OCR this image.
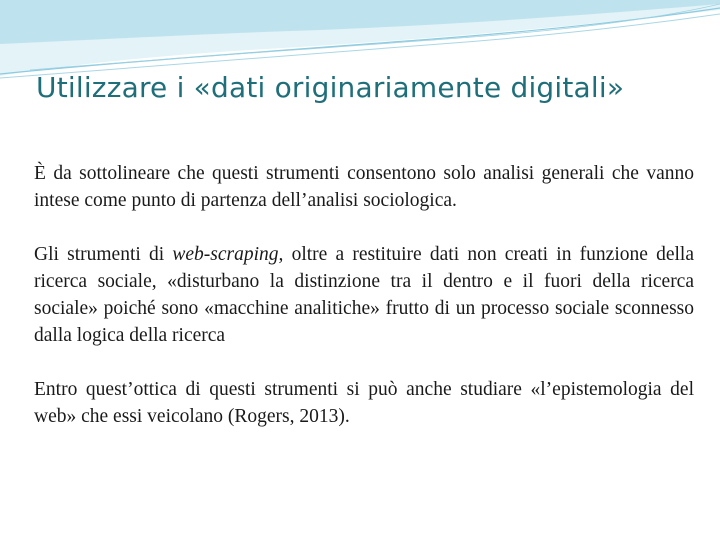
Utilizzare i «dati originariamente digitali»

È da sottolineare che questi strumenti consentono solo analisi generali che vanno intese come punto di partenza dell’analisi sociologica.

Gli strumenti di web-scraping, oltre a restituire dati non creati in funzione della ricerca sociale, «disturbano la distinzione tra il dentro e il fuori della ricerca sociale» poiché sono «macchine analitiche» frutto di un processo sociale sconnesso dalla logica della ricerca

Entro quest’ottica di questi strumenti si può anche studiare «l’epistemologia del web» che essi veicolano (Rogers, 2013).
